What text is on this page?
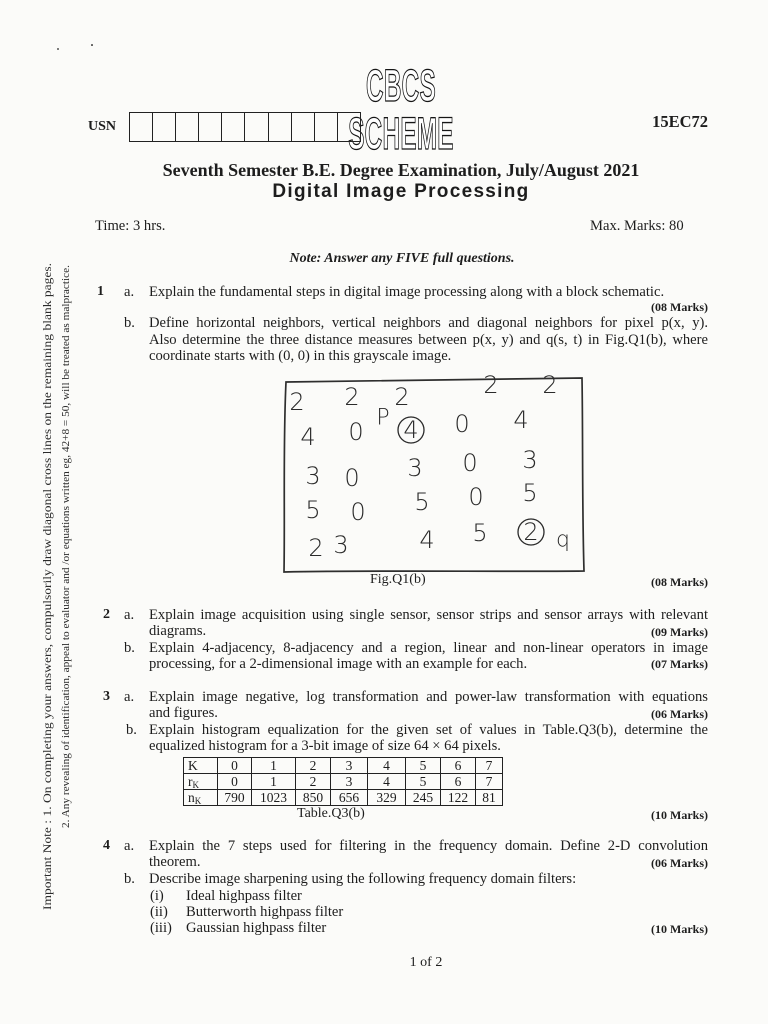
Important Note : 1. On completing your answers, compulsorily draw diagonal cross lines on the remaining blank pages. 2. Any revealing of identification, appeal to evaluator and /or equations written eg, 42+8 = 50, will be treated as malpractice.
CBCS SCHEME
USN	15EC72
Seventh Semester B.E. Degree Examination, July/August 2021
Digital Image Processing
Time: 3 hrs.	Max. Marks: 80
Note: Answer any FIVE full questions.
1 a. Explain the fundamental steps in digital image processing along with a block schematic.
(08 Marks)
b. Define horizontal neighbors, vertical neighbors and diagonal neighbors for pixel p(x, y).
Also determine the three distance measures between p(x, y) and q(s, t) in Fig.Q1(b), where
coordinate starts with (0, 0) in this grayscale image.
P
q
2 2 2	2 2
4 0 4 0 4
3 0 3 0 3
5 0 5 0 5
2 3	4 5 2
Fig.Q1(b)	(08 Marks)
2 a. Explain image acquisition using single sensor, sensor strips and sensor arrays with relevant
diagrams.	(09 Marks)
b. Explain 4-adjacency, 8-adjacency and a region, linear and non-linear operators in image
processing, for a 2-dimensional image with an example for each.	(07 Marks)
3 a. Explain image negative, log transformation and power-law transformation with equations
and figures.	(06 Marks)
b. Explain histogram equalization for the given set of values in Table.Q3(b), determine the
equalized histogram for a 3-bit image of size 64 × 64 pixels.
K	0	1	2	3	4	5	6	7
$r_K$	0	1	2	3	4	5	6	7
$n_K$	790	1023	850	656	329	245	122	81
Table.Q3(b)	(10 Marks)
4 a. Explain the 7 steps used for filtering in the frequency domain. Define 2-D convolution
theorem.	(06 Marks)
b. Describe image sharpening using the following frequency domain filters:
(i) Ideal highpass filter
(ii) Butterworth highpass filter
(iii) Gaussian highpass filter	(10 Marks)
1 of 2
